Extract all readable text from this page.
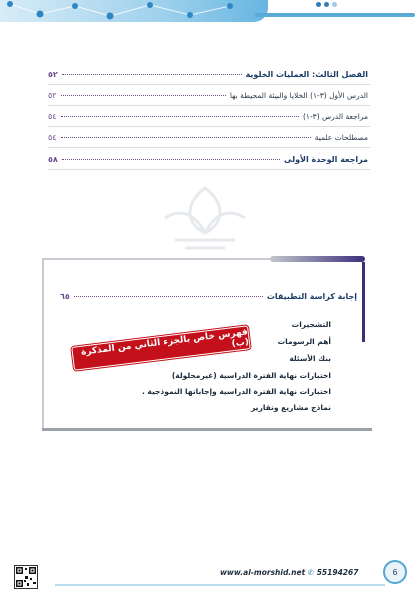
الفصل الثالث: العمليات الخلوية
٥٢
الدرس الأول (٣-١) الخلايا والبيئة المحيطة بها
٥٢
مراجعة الدرس (٣-١)
٥٤
مصطلحات علمية
٥٤
مراجعة الوحدة الأولى
٥٨
إجابة كراسة التطبيقات
٦٥
التشجيرات
أهم الرسومات
بنك الأسئلة
اختبارات نهاية الفترة الدراسية (غيرمحلولة)
اختبارات نهاية الفترة الدراسية وإجاباتها النموذجية .
نماذج مشاريع وتقارير
فهرس خاص بالجزء الثاني من المذكرة (ب)
www.al-morshid.net ✆ 55194267	6
